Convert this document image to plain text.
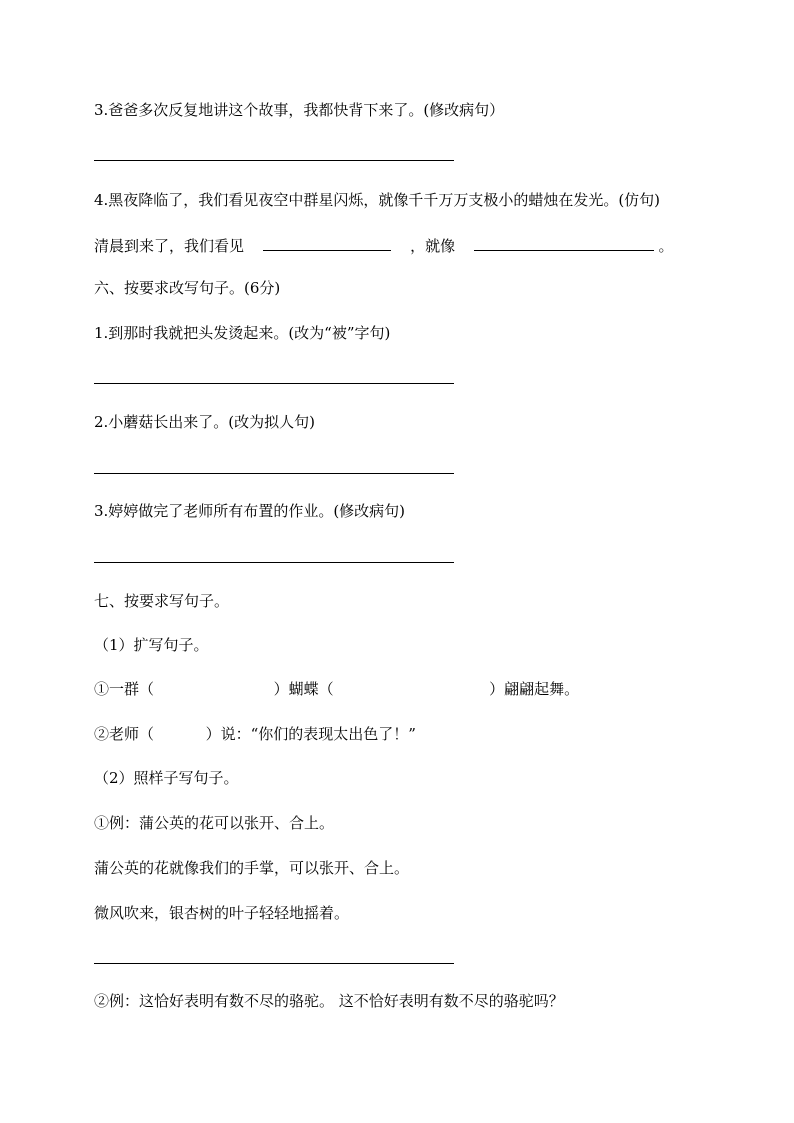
3.爸爸多次反复地讲这个故事，我都快背下来了。(修改病句）
4.黑夜降临了，我们看见夜空中群星闪烁，就像千千万万支极小的蜡烛在发光。(仿句)
清晨到来了，我们看见	，就像	。
六、按要求改写句子。(6分)
1.到那时我就把头发烫起来。(改为“被”字句)
2.小蘑菇长出来了。(改为拟人句)
3.婷婷做完了老师所有布置的作业。(修改病句)
七、按要求写句子。
（1）扩写句子。
①一群（	）蝴蝶（	）翩翩起舞。
②老师（	）说：“你们的表现太出色了！”
（2）照样子写句子。
①例：蒲公英的花可以张开、合上。
蒲公英的花就像我们的手掌，可以张开、合上。
微风吹来，银杏树的叶子轻轻地摇着。
②例：这恰好表明有数不尽的骆驼。 这不恰好表明有数不尽的骆驼吗？
